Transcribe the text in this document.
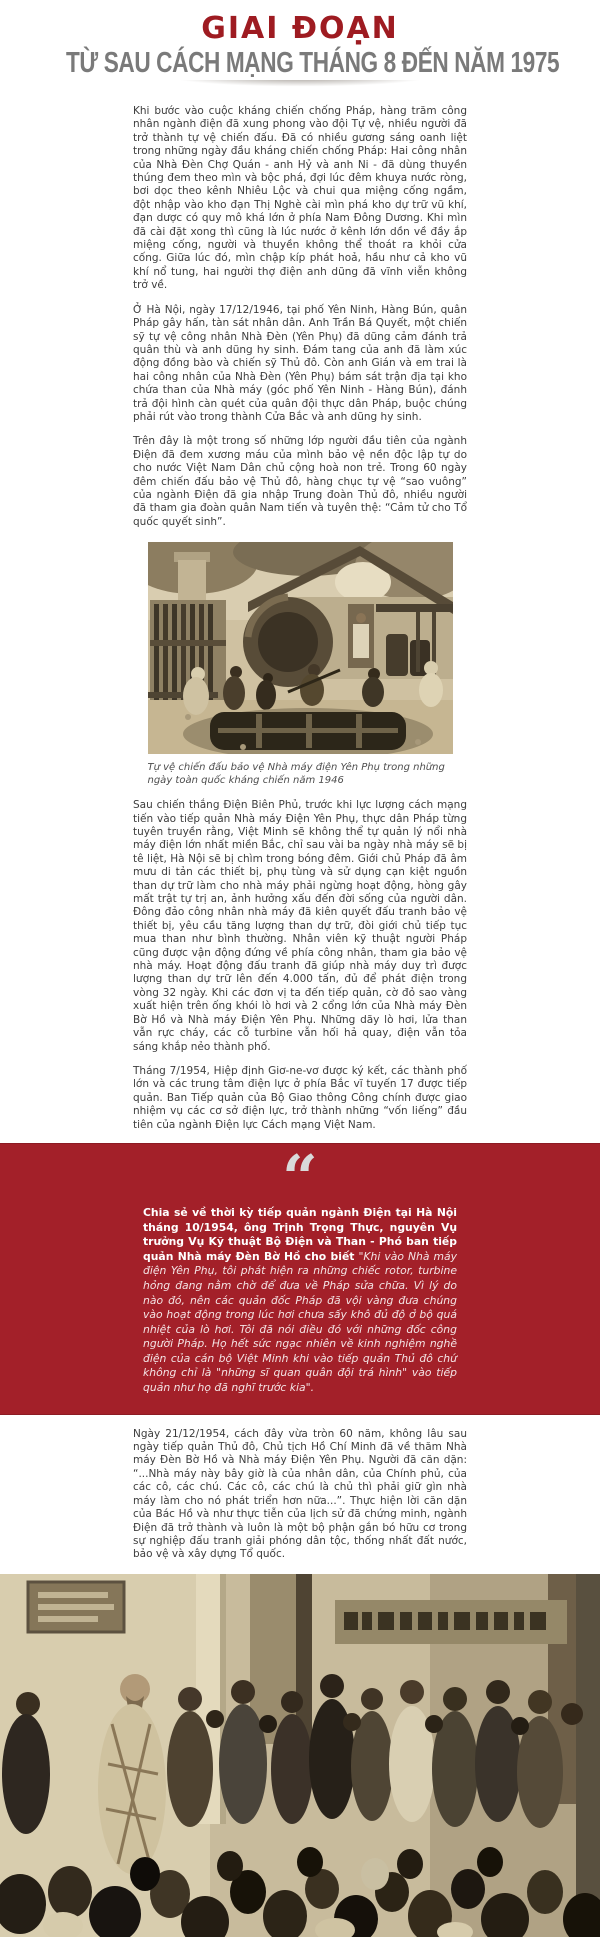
GIAI ĐOẠN
TỪ SAU CÁCH MẠNG THÁNG 8 ĐẾN NĂM 1975

Khi bước vào cuộc kháng chiến chống Pháp, hàng trăm công nhân ngành điện đã xung phong vào đội Tự vệ, nhiều người đã trở thành tự vệ chiến đấu. Đã có nhiều gương sáng oanh liệt trong những ngày đầu kháng chiến chống Pháp: Hai công nhân của Nhà Đèn Chợ Quán - anh Hỷ và anh Ni - đã dùng thuyền thúng đem theo mìn và bộc phá, đợi lúc đêm khuya nước ròng, bơi dọc theo kênh Nhiêu Lộc và chui qua miệng cống ngầm, đột nhập vào kho đạn Thị Nghè cài mìn phá kho dự trữ vũ khí, đạn dược có quy mô khá lớn ở phía Nam Đông Dương. Khi mìn đã cài đặt xong thì cũng là lúc nước ở kênh lớn dồn về đầy ắp miệng cống, người và thuyền không thể thoát ra khỏi cửa cống. Giữa lúc đó, mìn chập kíp phát hoả, hầu như cả kho vũ khí nổ tung, hai người thợ điện anh dũng đã vĩnh viễn không trở về.

Ở Hà Nội, ngày 17/12/1946, tại phố Yên Ninh, Hàng Bún, quân Pháp gây hấn, tàn sát nhân dân. Anh Trần Bá Quyết, một chiến sỹ tự vệ công nhân Nhà Đèn (Yên Phụ) đã dũng cảm đánh trả quân thù và anh dũng hy sinh. Đám tang của anh đã làm xúc động đồng bào và chiến sỹ Thủ đô. Còn anh Gián và em trai là hai công nhân của Nhà Đèn (Yên Phụ) bám sát trận địa tại kho chứa than của Nhà máy (góc phố Yên Ninh - Hàng Bún), đánh trả đội hình càn quét của quân đội thực dân Pháp, buộc chúng phải rút vào trong thành Cửa Bắc và anh dũng hy sinh.

Trên đây là một trong số những lớp người đầu tiên của ngành Điện đã đem xương máu của mình bảo vệ nền độc lập tự do cho nước Việt Nam Dân chủ cộng hoà non trẻ. Trong 60 ngày đêm chiến đấu bảo vệ Thủ đô, hàng chục tự vệ “sao vuông” của ngành Điện đã gia nhập Trung đoàn Thủ đô, nhiều người đã tham gia đoàn quân Nam tiến và tuyên thệ: “Cảm tử cho Tổ quốc quyết sinh”.

Tự vệ chiến đấu bảo vệ Nhà máy điện Yên Phụ trong những ngày toàn quốc kháng chiến năm 1946

Sau chiến thắng Điện Biên Phủ, trước khi lực lượng cách mạng tiến vào tiếp quản Nhà máy Điện Yên Phụ, thực dân Pháp từng tuyên truyền rằng, Việt Minh sẽ không thể tự quản lý nổi nhà máy điện lớn nhất miền Bắc, chỉ sau vài ba ngày nhà máy sẽ bị tê liệt, Hà Nội sẽ bị chìm trong bóng đêm. Giới chủ Pháp đã âm mưu di tản các thiết bị, phụ tùng và sử dụng cạn kiệt nguồn than dự trữ làm cho nhà máy phải ngừng hoạt động, hòng gây mất trật tự trị an, ảnh hưởng xấu đến đời sống của người dân. Đông đảo công nhân nhà máy đã kiên quyết đấu tranh bảo vệ thiết bị, yêu cầu tăng lượng than dự trữ, đòi giới chủ tiếp tục mua than như bình thường. Nhân viên kỹ thuật người Pháp cũng được vận động đứng về phía công nhân, tham gia bảo vệ nhà máy. Hoạt động đấu tranh đã giúp nhà máy duy trì được lượng than dự trữ lên đến 4.000 tấn, đủ để phát điện trong vòng 32 ngày. Khi các đơn vị ta đến tiếp quản, cờ đỏ sao vàng xuất hiện trên ống khói lò hơi và 2 cổng lớn của Nhà máy Đèn Bờ Hồ và Nhà máy Điện Yên Phụ. Những dãy lò hơi, lửa than vẫn rực cháy, các cỗ turbine vẫn hối hả quay, điện vẫn tỏa sáng khắp nẻo thành phố.

Tháng 7/1954, Hiệp định Giơ-ne-vơ được ký kết, các thành phố lớn và các trung tâm điện lực ở phía Bắc vĩ tuyến 17 được tiếp quản. Ban Tiếp quản của Bộ Giao thông Công chính được giao nhiệm vụ các cơ sở điện lực, trở thành những “vốn liếng” đầu tiên của ngành Điện lực Cách mạng Việt Nam.

“

Chia sẻ về thời kỳ tiếp quản ngành Điện tại Hà Nội tháng 10/1954, ông Trịnh Trọng Thực, nguyên Vụ trưởng Vụ Kỹ thuật Bộ Điện và Than - Phó ban tiếp quản Nhà máy Đèn Bờ Hồ cho biết "Khi vào Nhà máy điện Yên Phụ, tôi phát hiện ra những chiếc rotor, turbine hỏng đang nằm chờ để đưa về Pháp sửa chữa. Vì lý do nào đó, nên các quản đốc Pháp đã vội vàng đưa chúng vào hoạt động trong lúc hơi chưa sấy khô đủ độ ở bộ quá nhiệt của lò hơi. Tôi đã nói điều đó với những đốc công người Pháp. Họ hết sức ngạc nhiên về kinh nghiệm nghề điện của cán bộ Việt Minh khi vào tiếp quản Thủ đô chứ không chỉ là "những sĩ quan quân đội trá hình" vào tiếp quản như họ đã nghĩ trước kia".

Ngày 21/12/1954, cách đây vừa tròn 60 năm, không lâu sau ngày tiếp quản Thủ đô, Chủ tịch Hồ Chí Minh đã về thăm Nhà máy Đèn Bờ Hồ và Nhà máy Điện Yên Phụ. Người đã căn dặn: “...Nhà máy này bây giờ là của nhân dân, của Chính phủ, của các cô, các chú. Các cô, các chú là chủ thì phải giữ gìn nhà máy làm cho nó phát triển hơn nữa...”. Thực hiện lời căn dặn của Bác Hồ và như thực tiễn của lịch sử đã chứng minh, ngành Điện đã trở thành và luôn là một bộ phận gắn bó hữu cơ trong sự nghiệp đấu tranh giải phóng dân tộc, thống nhất đất nước, bảo vệ và xây dựng Tổ quốc.
